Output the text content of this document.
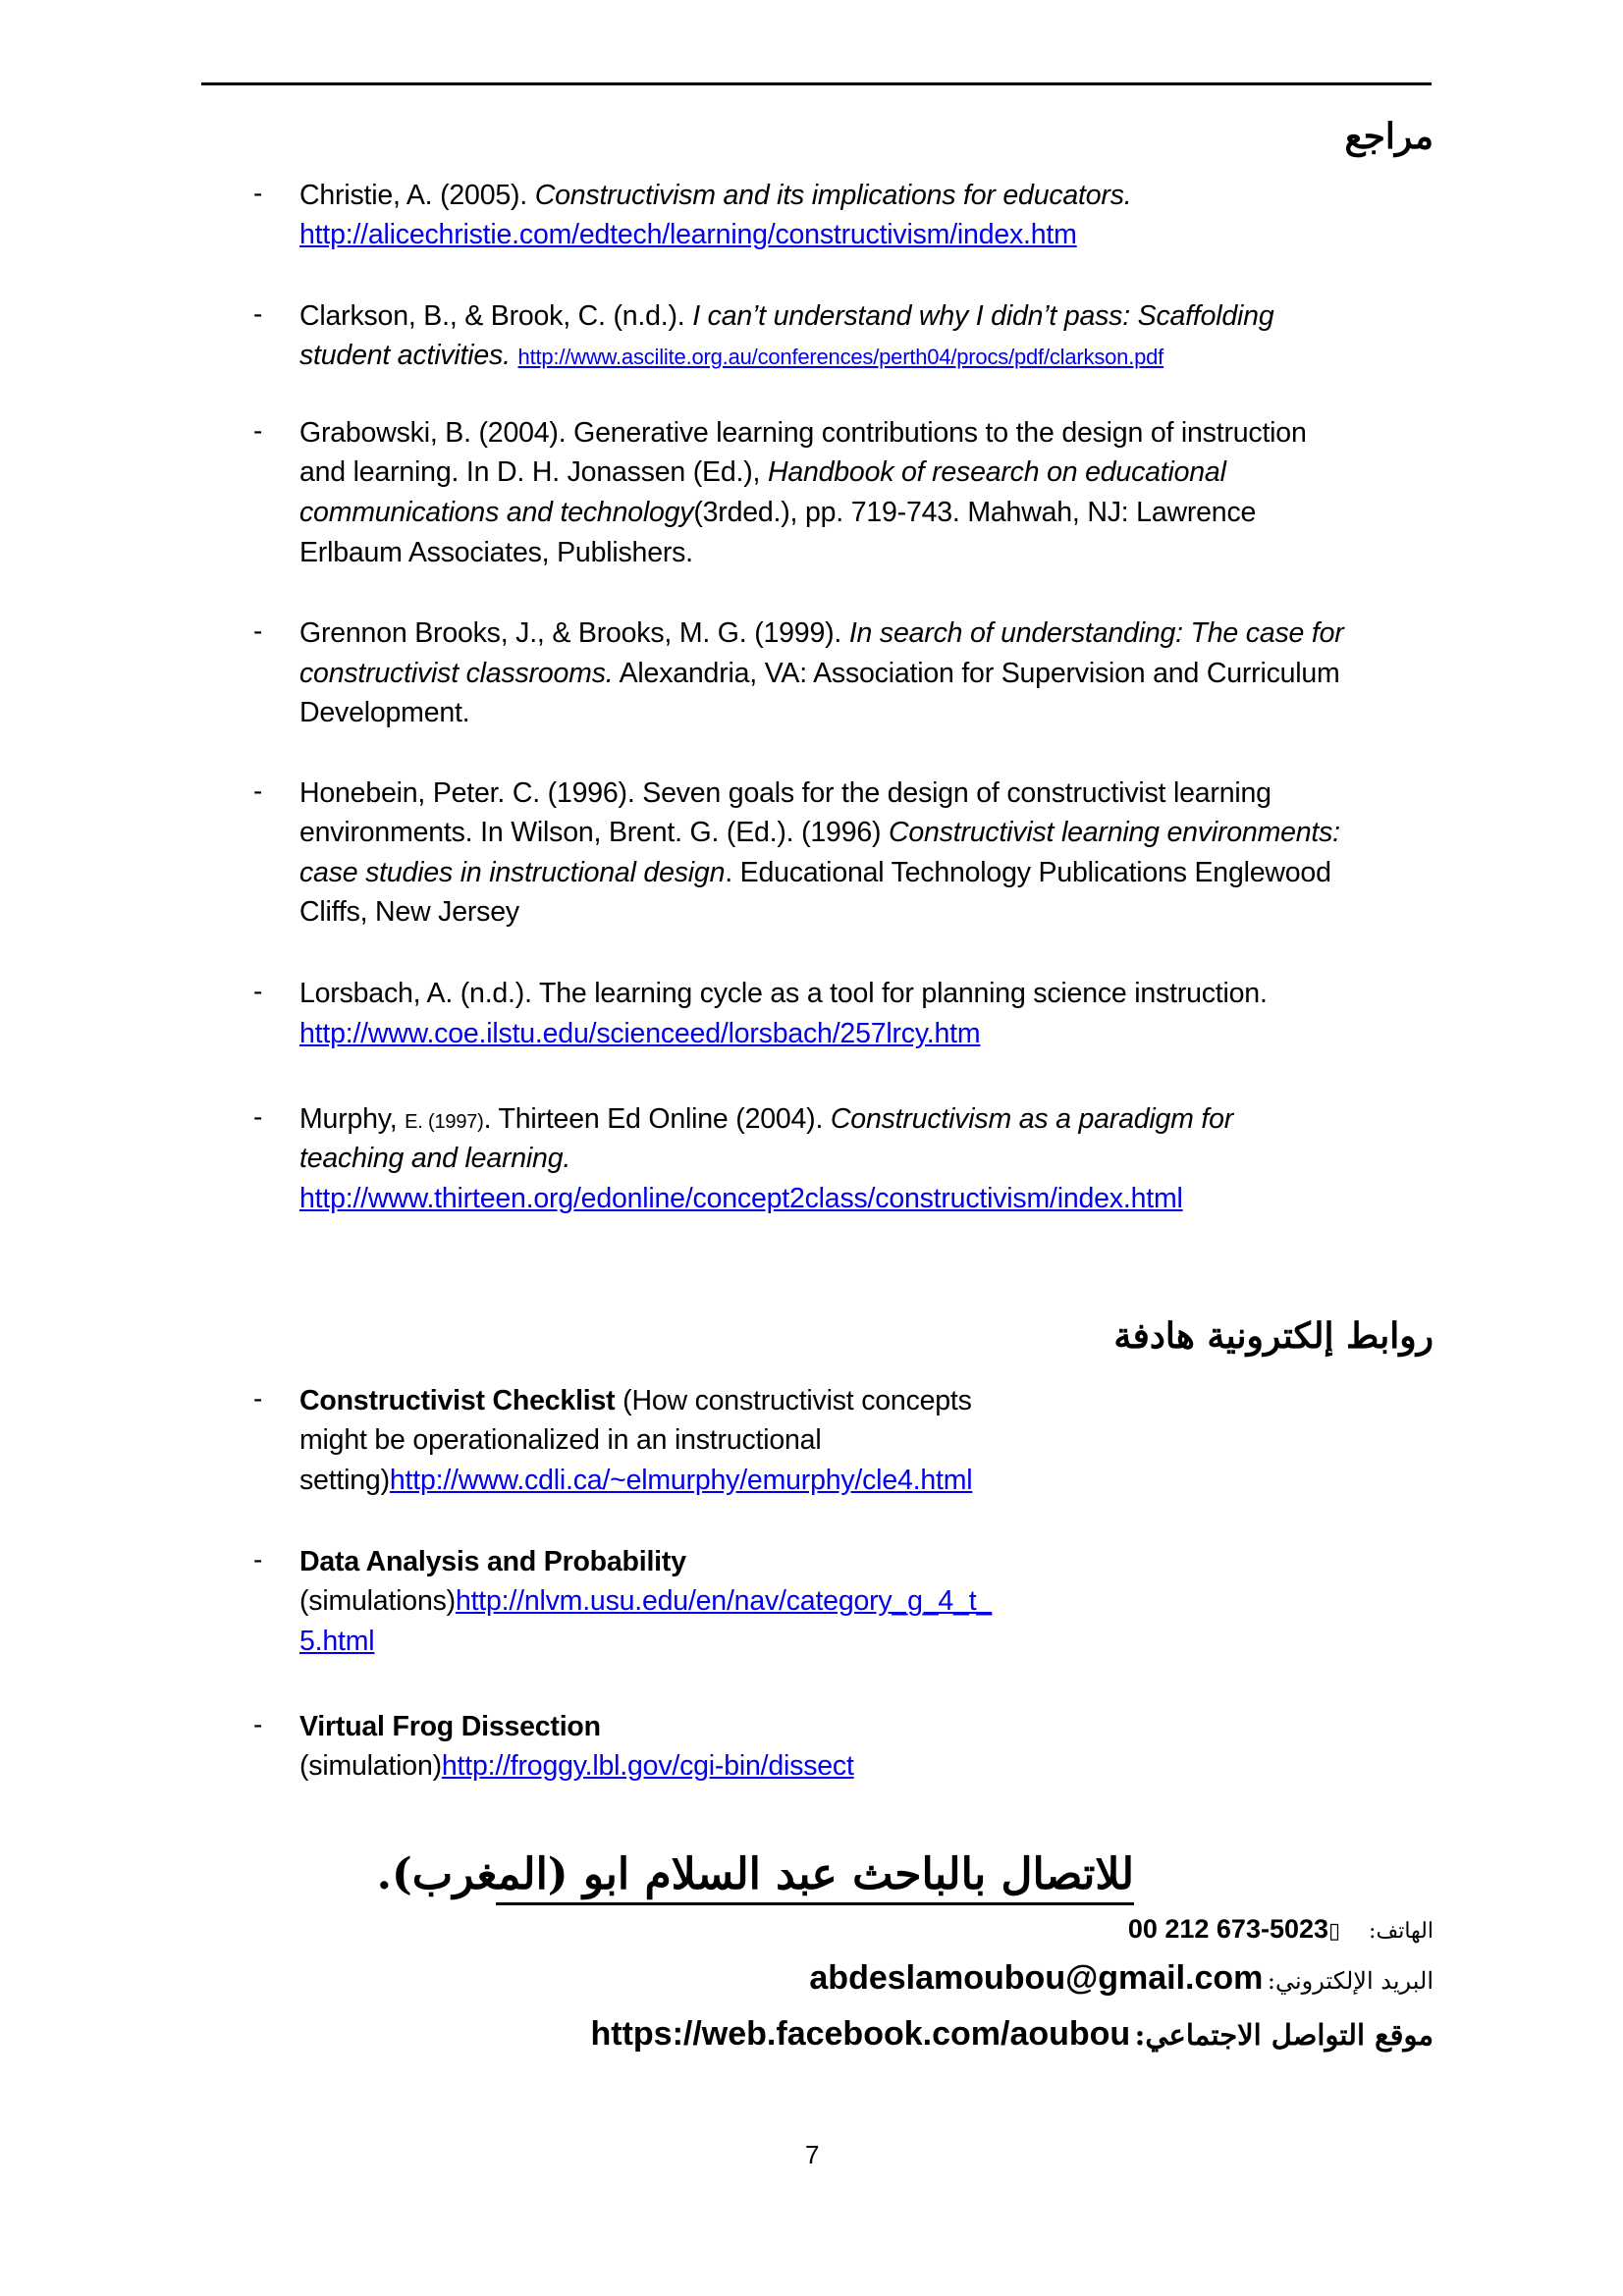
مراجع
- Christie, A. (2005). Constructivism and its implications for educators.
http://alicechristie.com/edtech/learning/constructivism/index.htm
- Clarkson, B., & Brook, C. (n.d.). I can’t understand why I didn’t pass: Scaffolding
student activities. http://www.ascilite.org.au/conferences/perth04/procs/pdf/clarkson.pdf
- Grabowski, B. (2004). Generative learning contributions to the design of instruction
and learning. In D. H. Jonassen (Ed.), Handbook of research on educational
communications and technology(3rded.), pp. 719-743. Mahwah, NJ: Lawrence
Erlbaum Associates, Publishers.
- Grennon Brooks, J., & Brooks, M. G. (1999). In search of understanding: The case for
constructivist classrooms. Alexandria, VA: Association for Supervision and Curriculum
Development.
- Honebein, Peter. C. (1996). Seven goals for the design of constructivist learning
environments. In Wilson, Brent. G. (Ed.). (1996) Constructivist learning environments:
case studies in instructional design. Educational Technology Publications Englewood
Cliffs, New Jersey
- Lorsbach, A. (n.d.). The learning cycle as a tool for planning science instruction.
http://www.coe.ilstu.edu/scienceed/lorsbach/257lrcy.htm
- Murphy, E. (1997). Thirteen Ed Online (2004). Constructivism as a paradigm for
teaching and learning.
http://www.thirteen.org/edonline/concept2class/constructivism/index.html
روابط إلكترونية هادفة
- Constructivist Checklist (How constructivist concepts
might be operationalized in an instructional
setting)http://www.cdli.ca/~elmurphy/emurphy/cle4.html
- Data Analysis and Probability
(simulations)http://nlvm.usu.edu/en/nav/category_g_4_t_
5.html
- Virtual Frog Dissection
(simulation)http://froggy.lbl.gov/cgi-bin/dissect
للاتصال بالباحث عبد السلام ابو (المغرب).
الهاتف:  00 212 673-5023▯
البريد الإلكتروني: abdeslamoubou@gmail.com
موقع التواصل الاجتماعي: https://web.facebook.com/aoubou
7
